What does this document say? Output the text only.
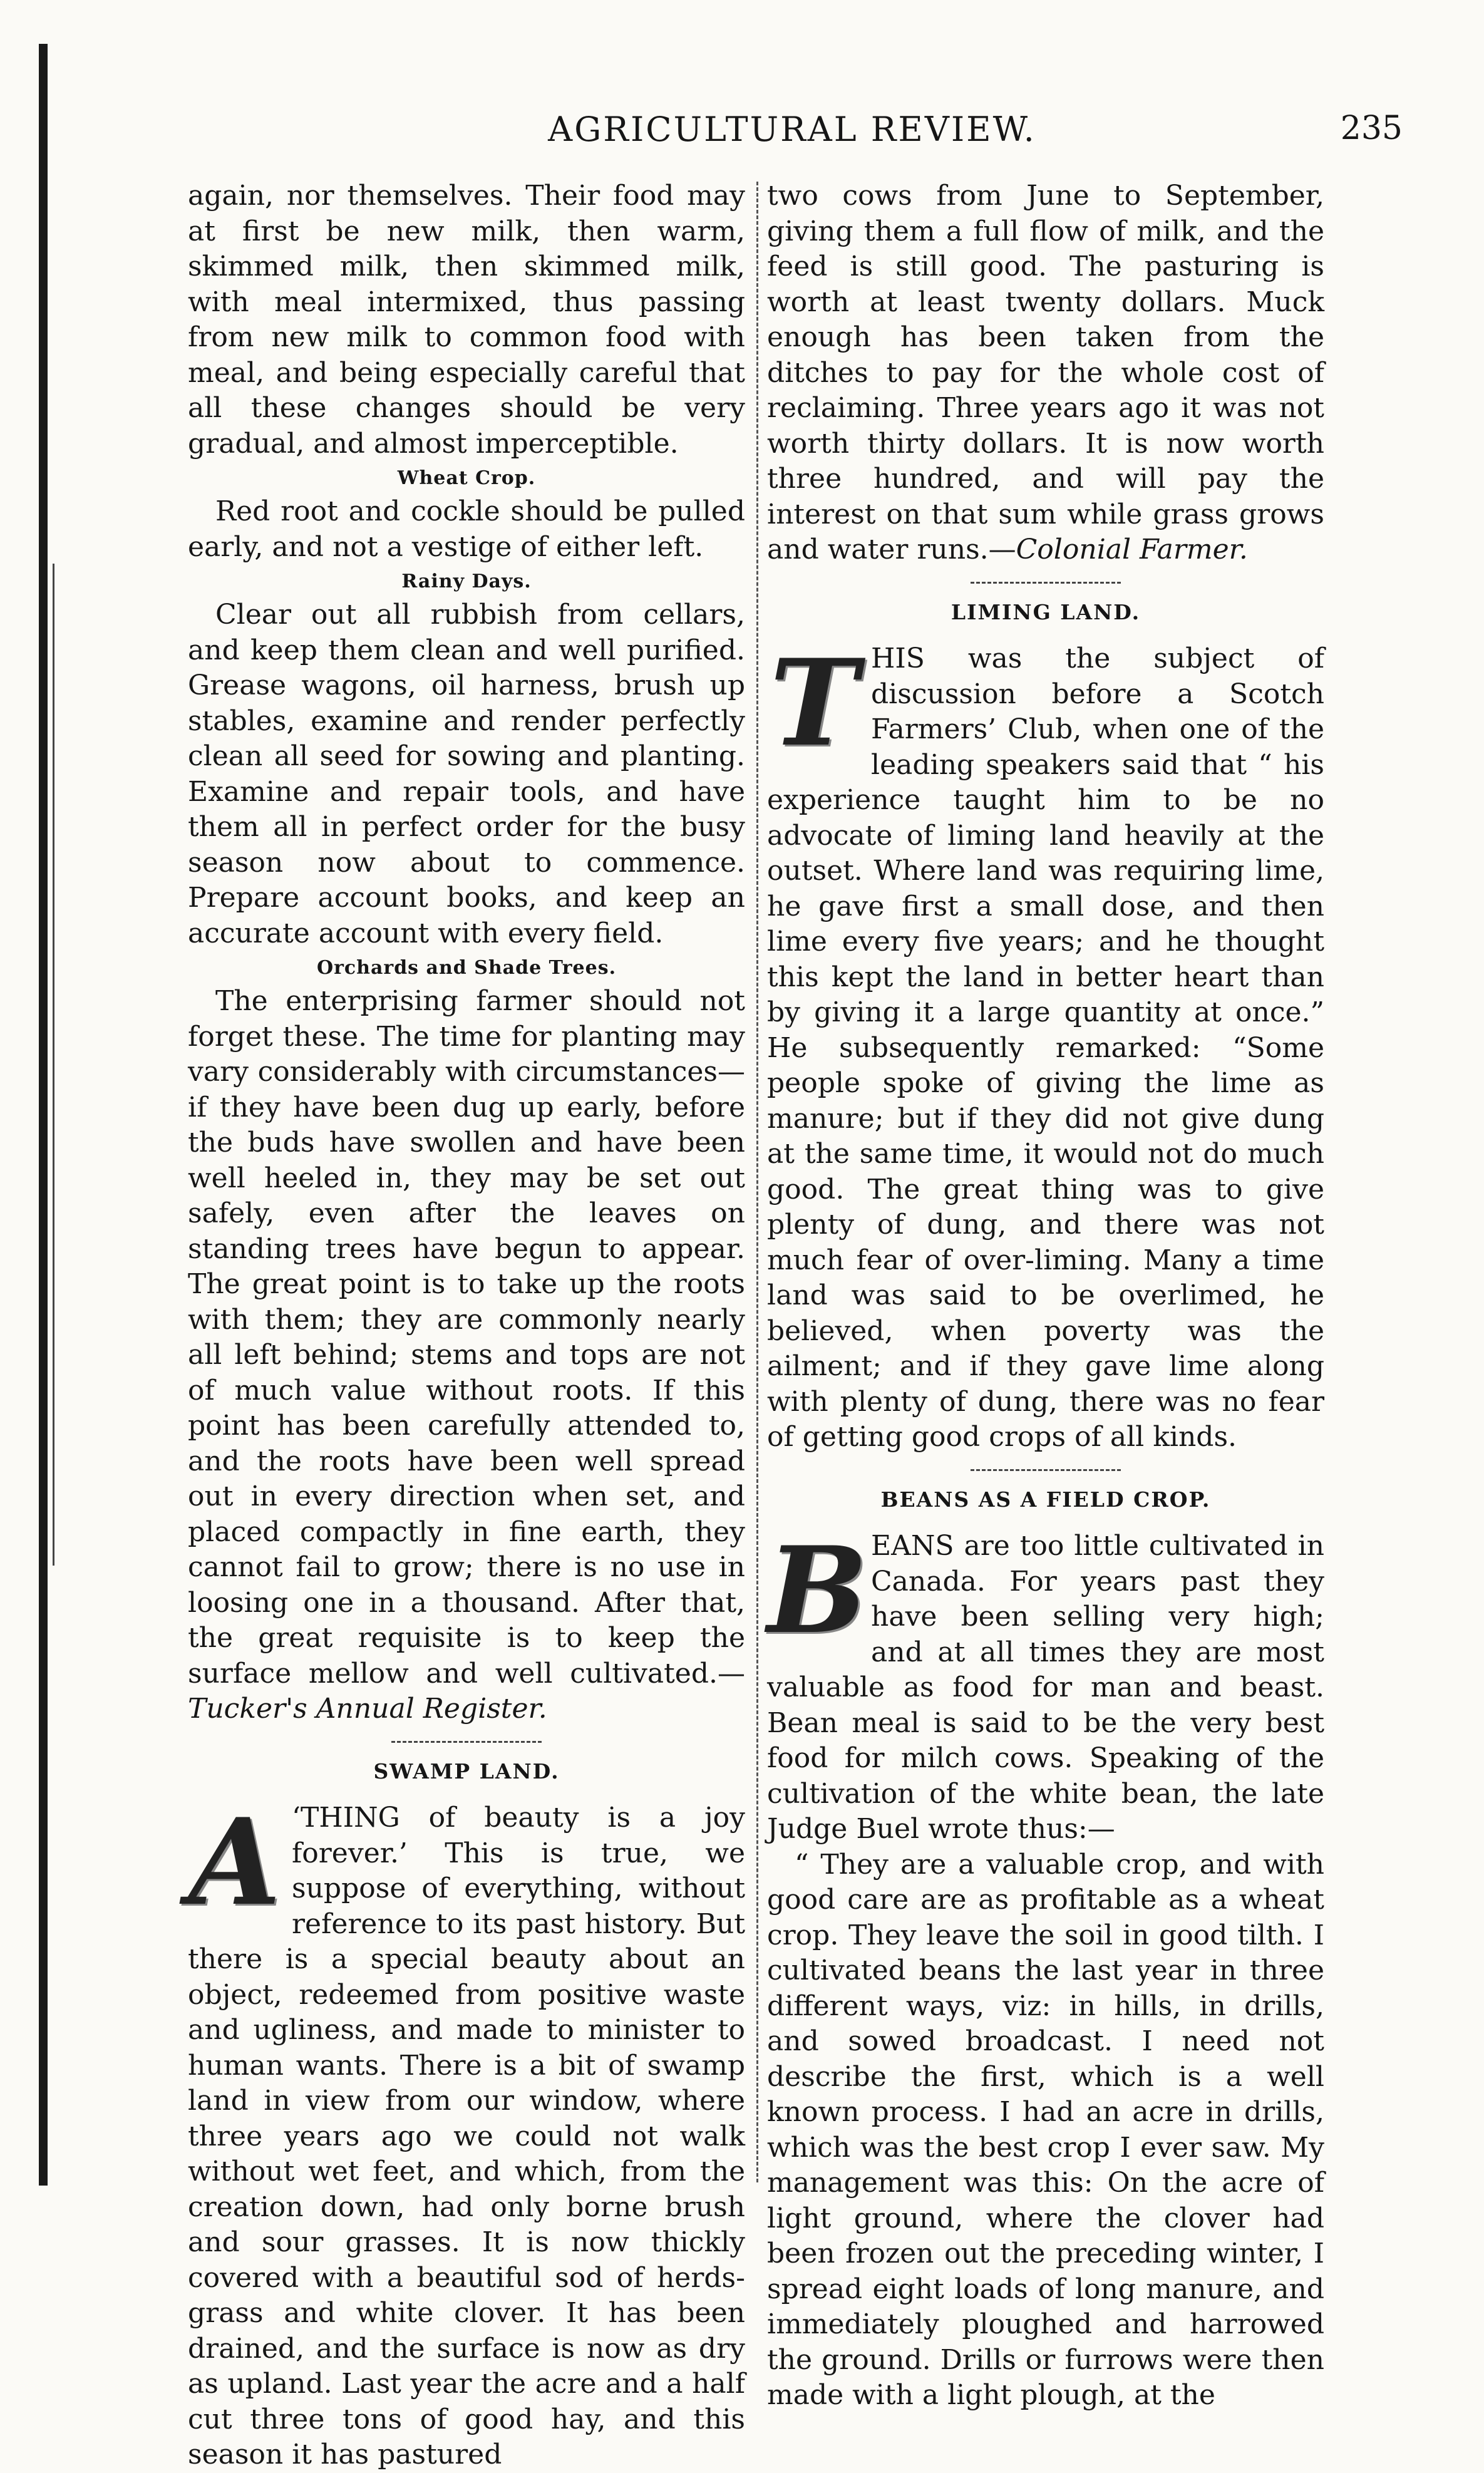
AGRICULTURAL REVIEW.	235

again, nor themselves. Their food may at first be new milk, then warm, skimmed milk, then skimmed milk, with meal intermixed, thus passing from new milk to common food with meal, and being especially careful that all these changes should be very gradual, and almost imperceptible.

Wheat Crop.

Red root and cockle should be pulled early, and not a vestige of either left.

Rainy Days.

Clear out all rubbish from cellars, and keep them clean and well purified. Grease wagons, oil harness, brush up stables, examine and render perfectly clean all seed for sowing and planting. Examine and repair tools, and have them all in perfect order for the busy season now about to commence. Prepare account books, and keep an accurate account with every field.

Orchards and Shade Trees.

The enterprising farmer should not forget these. The time for planting may vary considerably with circumstances—if they have been dug up early, before the buds have swollen and have been well heeled in, they may be set out safely, even after the leaves on standing trees have begun to appear. The great point is to take up the roots with them; they are commonly nearly all left behind; stems and tops are not of much value without roots. If this point has been carefully attended to, and the roots have been well spread out in every direction when set, and placed compactly in fine earth, they cannot fail to grow; there is no use in loosing one in a thousand. After that, the great requisite is to keep the surface mellow and well cultivated.—Tucker's Annual Register.

SWAMP LAND.

A ‘THING of beauty is a joy forever.’ This is true, we suppose of everything, without reference to its past history. But there is a special beauty about an object, redeemed from positive waste and ugliness, and made to minister to human wants. There is a bit of swamp land in view from our window, where three years ago we could not walk without wet feet, and which, from the creation down, had only borne brush and sour grasses. It is now thickly covered with a beautiful sod of herds-grass and white clover. It has been drained, and the surface is now as dry as upland. Last year the acre and a half cut three tons of good hay, and this season it has pastured

two cows from June to September, giving them a full flow of milk, and the feed is still good. The pasturing is worth at least twenty dollars. Muck enough has been taken from the ditches to pay for the whole cost of reclaiming. Three years ago it was not worth thirty dollars. It is now worth three hundred, and will pay the interest on that sum while grass grows and water runs.—Colonial Farmer.

LIMING LAND.

THIS was the subject of discussion before a Scotch Farmers’ Club, when one of the leading speakers said that “ his experience taught him to be no advocate of liming land heavily at the outset. Where land was requiring lime, he gave first a small dose, and then lime every five years; and he thought this kept the land in better heart than by giving it a large quantity at once.” He subsequently remarked: “Some people spoke of giving the lime as manure; but if they did not give dung at the same time, it would not do much good. The great thing was to give plenty of dung, and there was not much fear of over-liming. Many a time land was said to be overlimed, he believed, when poverty was the ailment; and if they gave lime along with plenty of dung, there was no fear of getting good crops of all kinds.

BEANS AS A FIELD CROP.

BEANS are too little cultivated in Canada. For years past they have been selling very high; and at all times they are most valuable as food for man and beast. Bean meal is said to be the very best food for milch cows. Speaking of the cultivation of the white bean, the late Judge Buel wrote thus:—

“ They are a valuable crop, and with good care are as profitable as a wheat crop. They leave the soil in good tilth. I cultivated beans the last year in three different ways, viz: in hills, in drills, and sowed broadcast. I need not describe the first, which is a well known process. I had an acre in drills, which was the best crop I ever saw. My management was this: On the acre of light ground, where the clover had been frozen out the preceding winter, I spread eight loads of long manure, and immediately ploughed and harrowed the ground. Drills or furrows were then made with a light plough, at the
